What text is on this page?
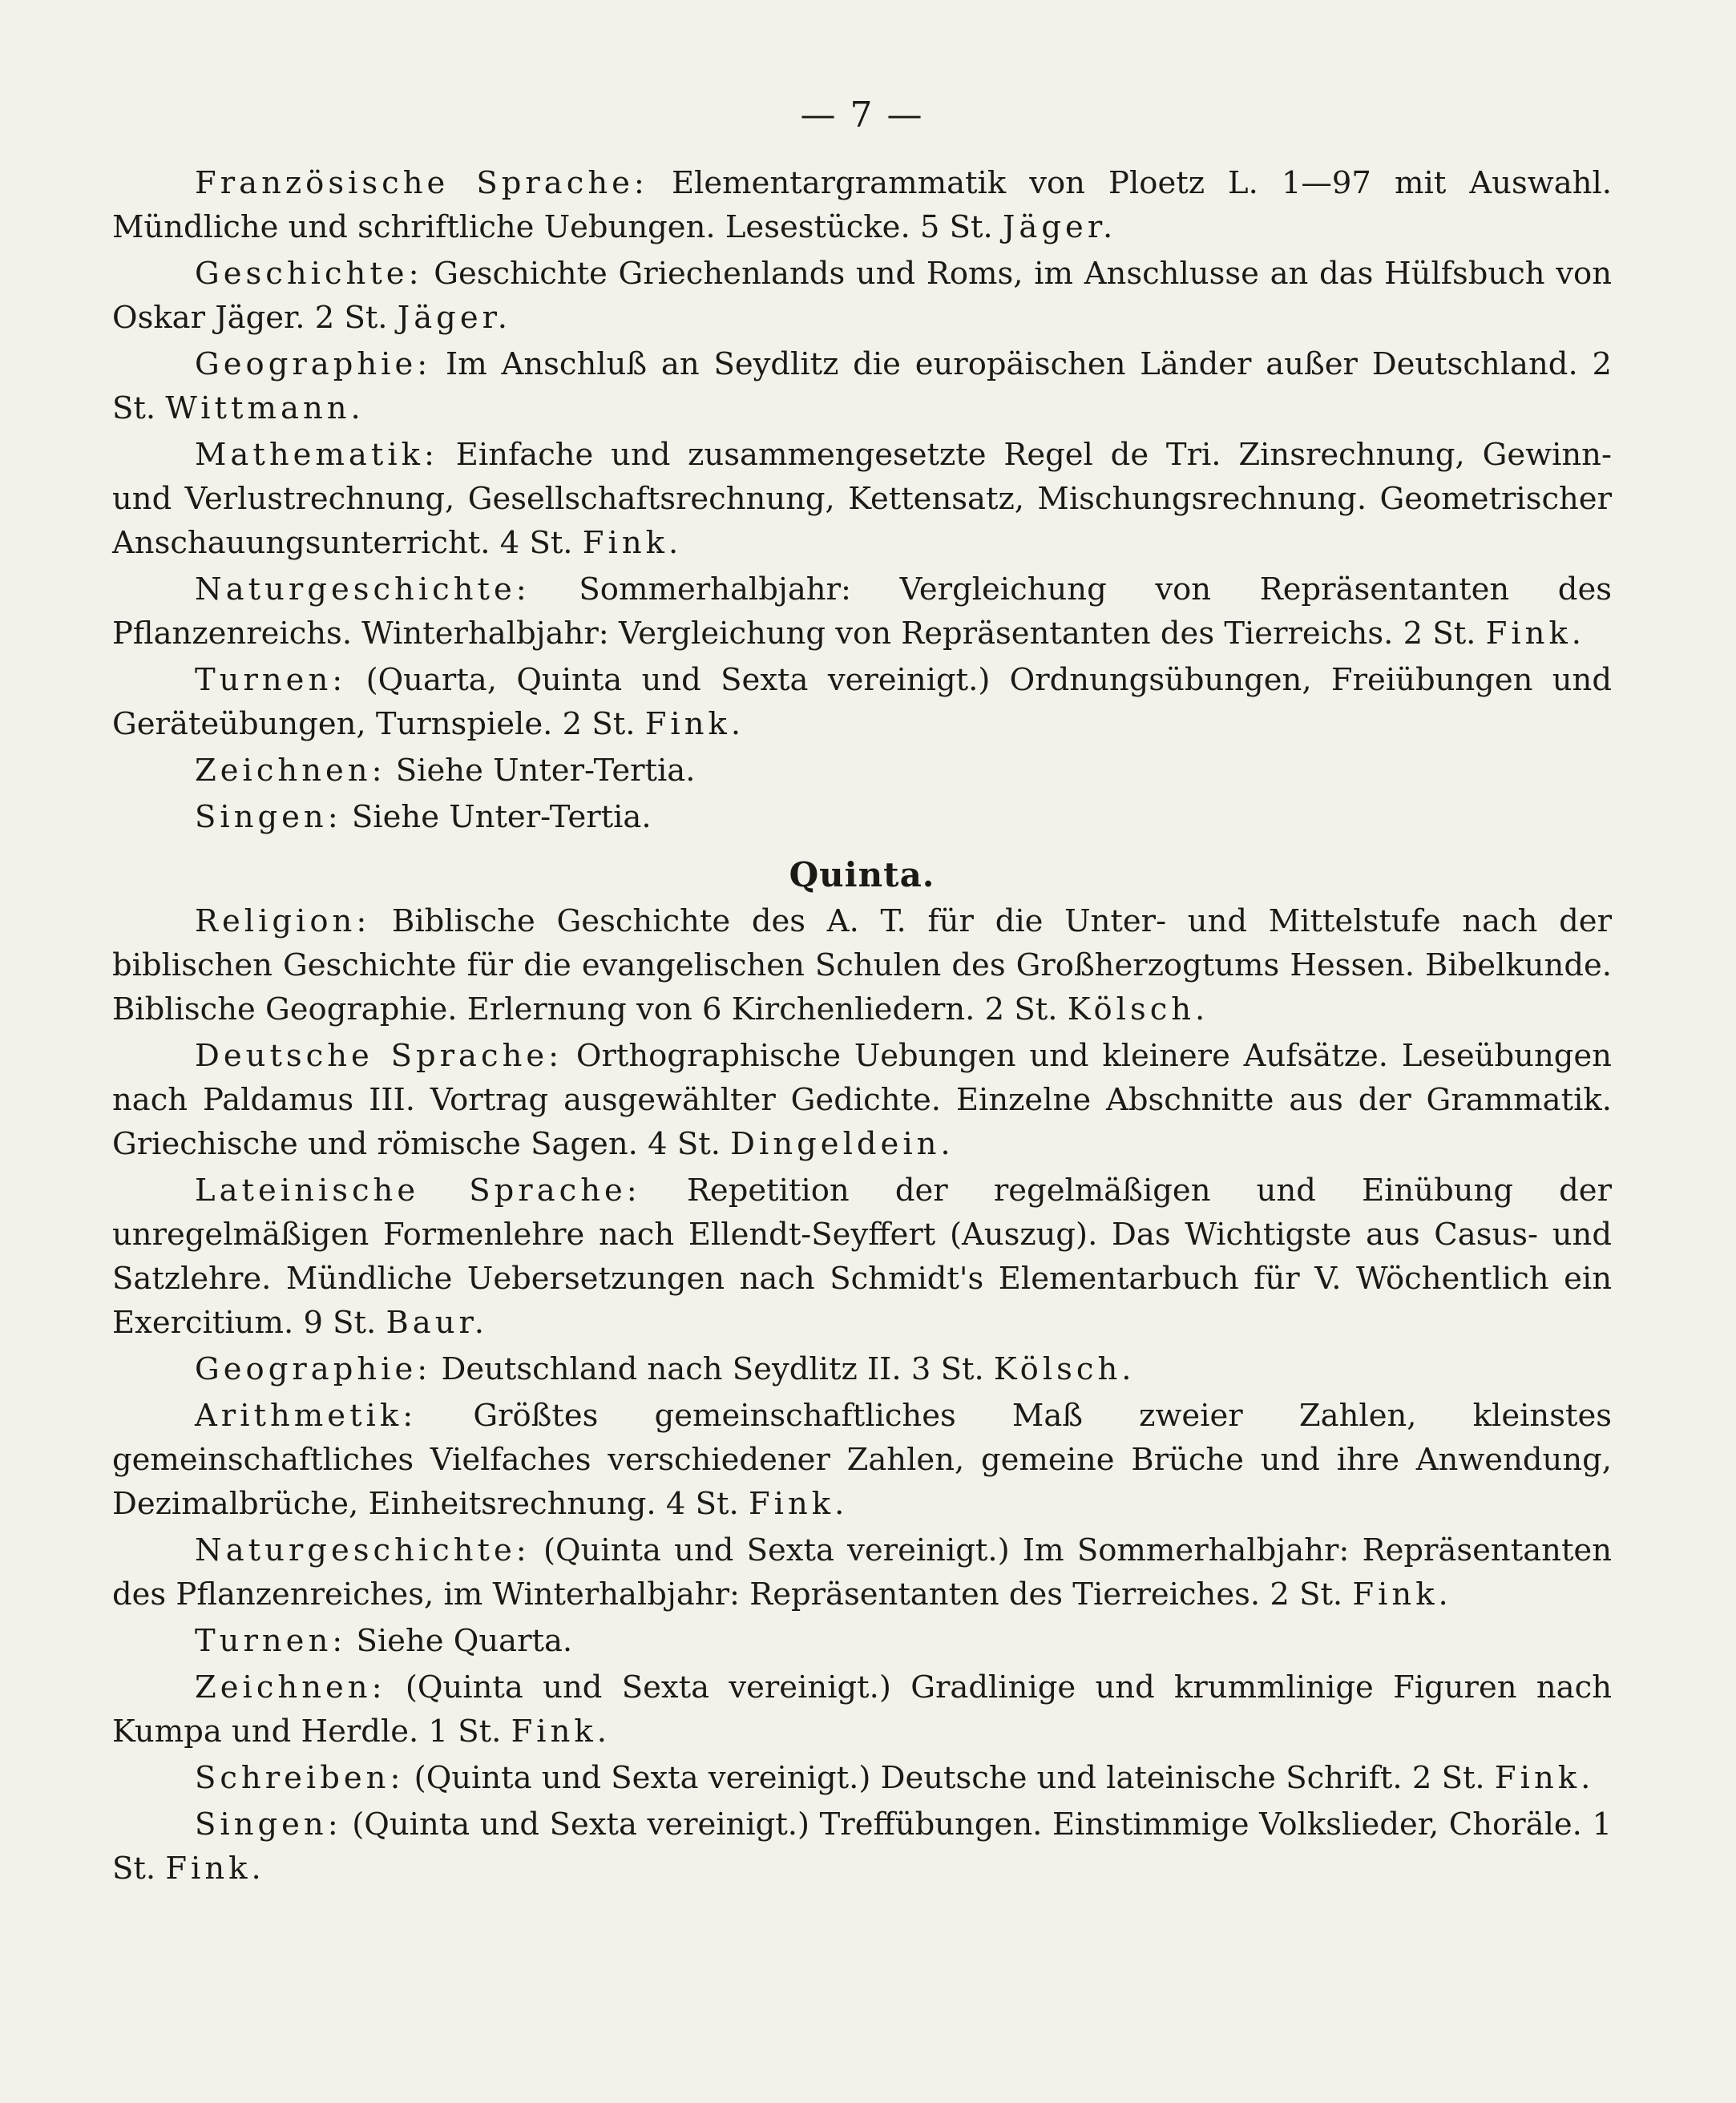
— 7 —

Französische Sprache: Elementargrammatik von Ploetz L. 1—97 mit Auswahl. Mündliche und schriftliche Uebungen. Lesestücke. 5 St. Jäger.

Geschichte: Geschichte Griechenlands und Roms, im Anschlusse an das Hülfsbuch von Oskar Jäger. 2 St. Jäger.

Geographie: Im Anschluß an Seydlitz die europäischen Länder außer Deutschland. 2 St. Wittmann.

Mathematik: Einfache und zusammengesetzte Regel de Tri. Zinsrechnung, Gewinn- und Verlustrechnung, Gesellschaftsrechnung, Kettensatz, Mischungsrechnung. Geometrischer Anschauungsunterricht. 4 St. Fink.

Naturgeschichte: Sommerhalbjahr: Vergleichung von Repräsentanten des Pflanzenreichs. Winterhalbjahr: Vergleichung von Repräsentanten des Tierreichs. 2 St. Fink.

Turnen: (Quarta, Quinta und Sexta vereinigt.) Ordnungsübungen, Freiübungen und Geräteübungen, Turnspiele. 2 St. Fink.

Zeichnen: Siehe Unter-Tertia.

Singen: Siehe Unter-Tertia.

Quinta.

Religion: Biblische Geschichte des A. T. für die Unter- und Mittelstufe nach der biblischen Geschichte für die evangelischen Schulen des Großherzogtums Hessen. Bibelkunde. Biblische Geographie. Erlernung von 6 Kirchenliedern. 2 St. Kölsch.

Deutsche Sprache: Orthographische Uebungen und kleinere Aufsätze. Leseübungen nach Paldamus III. Vortrag ausgewählter Gedichte. Einzelne Abschnitte aus der Grammatik. Griechische und römische Sagen. 4 St. Dingeldein.

Lateinische Sprache: Repetition der regelmäßigen und Einübung der unregelmäßigen Formenlehre nach Ellendt-Seyffert (Auszug). Das Wichtigste aus Casus- und Satzlehre. Mündliche Uebersetzungen nach Schmidt's Elementarbuch für V. Wöchentlich ein Exercitium. 9 St. Baur.

Geographie: Deutschland nach Seydlitz II. 3 St. Kölsch.

Arithmetik: Größtes gemeinschaftliches Maß zweier Zahlen, kleinstes gemeinschaftliches Vielfaches verschiedener Zahlen, gemeine Brüche und ihre Anwendung, Dezimalbrüche, Einheitsrechnung. 4 St. Fink.

Naturgeschichte: (Quinta und Sexta vereinigt.) Im Sommerhalbjahr: Repräsentanten des Pflanzenreiches, im Winterhalbjahr: Repräsentanten des Tierreiches. 2 St. Fink.

Turnen: Siehe Quarta.

Zeichnen: (Quinta und Sexta vereinigt.) Gradlinige und krummlinige Figuren nach Kumpa und Herdle. 1 St. Fink.

Schreiben: (Quinta und Sexta vereinigt.) Deutsche und lateinische Schrift. 2 St. Fink.

Singen: (Quinta und Sexta vereinigt.) Treffübungen. Einstimmige Volkslieder, Choräle. 1 St. Fink.
